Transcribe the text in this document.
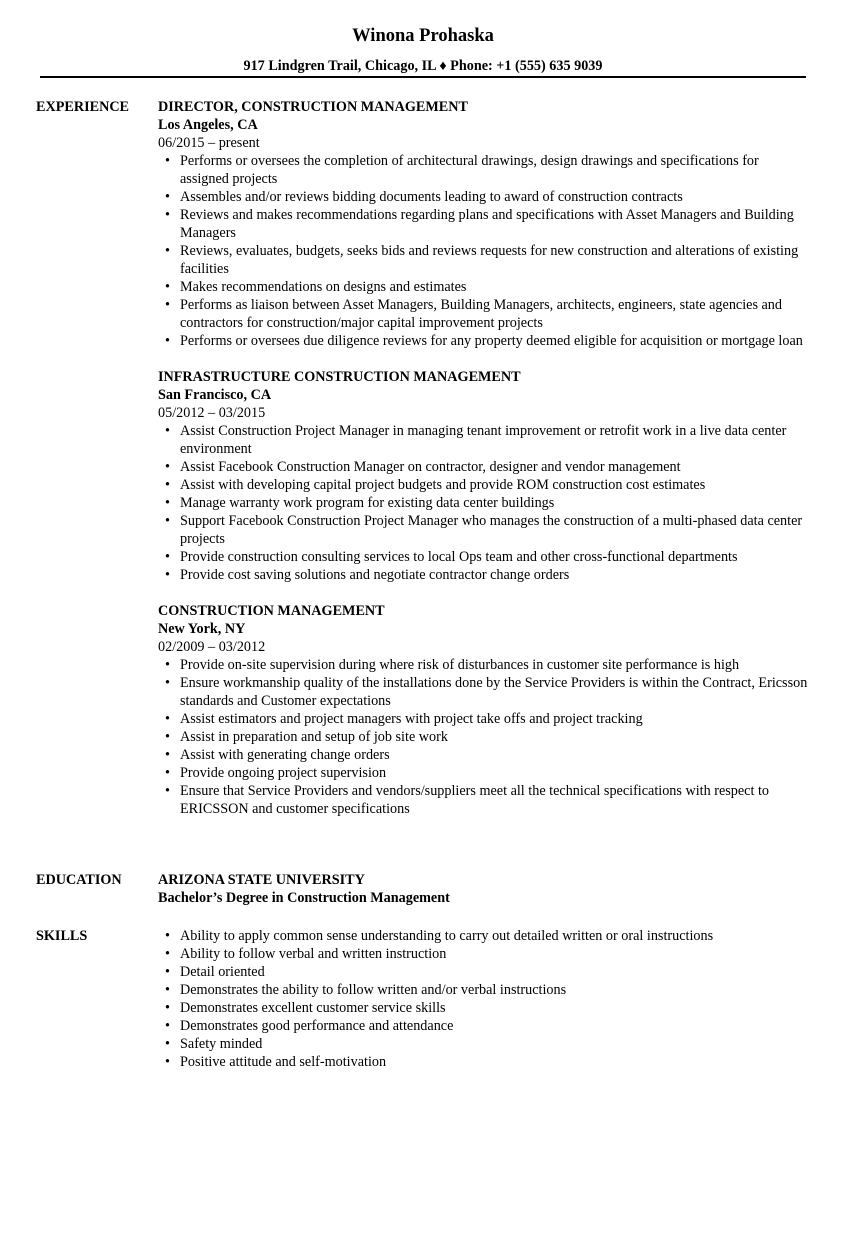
Winona Prohaska
917 Lindgren Trail, Chicago, IL ♦ Phone: +1 (555) 635 9039
EXPERIENCE DIRECTOR, CONSTRUCTION MANAGEMENT
Los Angeles, CA
06/2015 – present
• Performs or oversees the completion of architectural drawings, design drawings and specifications for assigned projects
• Assembles and/or reviews bidding documents leading to award of construction contracts
• Reviews and makes recommendations regarding plans and specifications with Asset Managers and Building Managers
• Reviews, evaluates, budgets, seeks bids and reviews requests for new construction and alterations of existing facilities
• Makes recommendations on designs and estimates
• Performs as liaison between Asset Managers, Building Managers, architects, engineers, state agencies and contractors for construction/major capital improvement projects
• Performs or oversees due diligence reviews for any property deemed eligible for acquisition or mortgage loan
INFRASTRUCTURE CONSTRUCTION MANAGEMENT
San Francisco, CA
05/2012 – 03/2015
• Assist Construction Project Manager in managing tenant improvement or retrofit work in a live data center environment
• Assist Facebook Construction Manager on contractor, designer and vendor management
• Assist with developing capital project budgets and provide ROM construction cost estimates
• Manage warranty work program for existing data center buildings
• Support Facebook Construction Project Manager who manages the construction of a multi-phased data center projects
• Provide construction consulting services to local Ops team and other cross-functional departments
• Provide cost saving solutions and negotiate contractor change orders
CONSTRUCTION MANAGEMENT
New York, NY
02/2009 – 03/2012
• Provide on-site supervision during where risk of disturbances in customer site performance is high
• Ensure workmanship quality of the installations done by the Service Providers is within the Contract, Ericsson standards and Customer expectations
• Assist estimators and project managers with project take offs and project tracking
• Assist in preparation and setup of job site work
• Assist with generating change orders
• Provide ongoing project supervision
• Ensure that Service Providers and vendors/suppliers meet all the technical specifications with respect to ERICSSON and customer specifications
EDUCATION	ARIZONA STATE UNIVERSITY
Bachelor’s Degree in Construction Management
SKILLS	• Ability to apply common sense understanding to carry out detailed written or oral instructions
• Ability to follow verbal and written instruction
• Detail oriented
• Demonstrates the ability to follow written and/or verbal instructions
• Demonstrates excellent customer service skills
• Demonstrates good performance and attendance
• Safety minded
• Positive attitude and self-motivation
